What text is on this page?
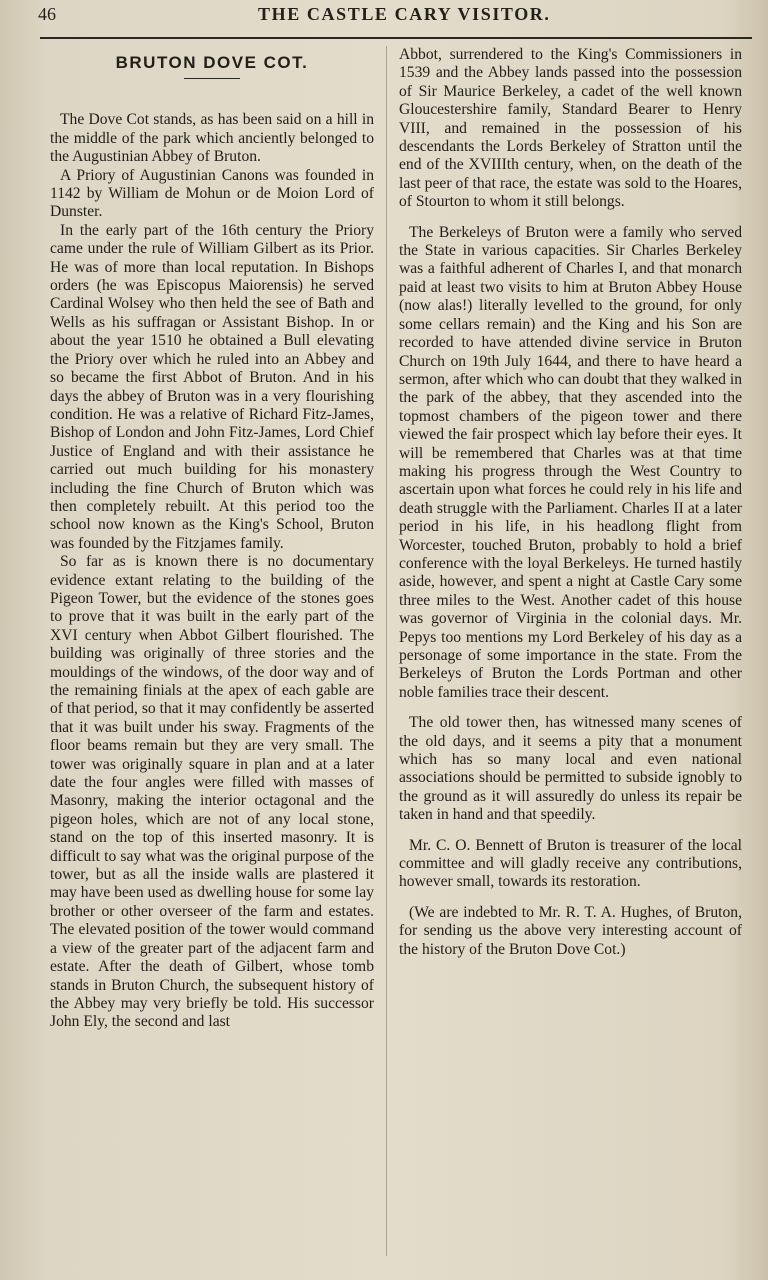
46	THE CASTLE CARY VISITOR.
BRUTON DOVE COT.

The Dove Cot stands, as has been said on a hill in the middle of the park which anciently belonged to the Augustinian Abbey of Bruton.

A Priory of Augustinian Canons was founded in 1142 by William de Mohun or de Moion Lord of Dunster.

In the early part of the 16th century the Priory came under the rule of William Gilbert as its Prior. He was of more than local reputation. In Bishops orders (he was Episcopus Maiorensis) he served Cardinal Wolsey who then held the see of Bath and Wells as his suffragan or Assistant Bishop. In or about the year 1510 he obtained a Bull elevating the Priory over which he ruled into an Abbey and so became the first Abbot of Bruton. And in his days the abbey of Bruton was in a very flourishing condition. He was a relative of Richard Fitz-James, Bishop of London and John Fitz-James, Lord Chief Justice of England and with their assistance he carried out much building for his monastery including the fine Church of Bruton which was then completely rebuilt. At this period too the school now known as the King's School, Bruton was founded by the Fitzjames family.

So far as is known there is no documentary evidence extant relating to the building of the Pigeon Tower, but the evidence of the stones goes to prove that it was built in the early part of the XVI century when Abbot Gilbert flourished. The building was originally of three stories and the mouldings of the windows, of the door way and of the remaining finials at the apex of each gable are of that period, so that it may confidently be asserted that it was built under his sway. Fragments of the floor beams remain but they are very small. The tower was originally square in plan and at a later date the four angles were filled with masses of Masonry, making the interior octagonal and the pigeon holes, which are not of any local stone, stand on the top of this inserted masonry. It is difficult to say what was the original purpose of the tower, but as all the inside walls are plastered it may have been used as dwelling house for some lay brother or other overseer of the farm and estates. The elevated position of the tower would command a view of the greater part of the adjacent farm and estate. After the death of Gilbert, whose tomb stands in Bruton Church, the subsequent history of the Abbey may very briefly be told. His successor John Ely, the second and last

Abbot, surrendered to the King's Commissioners in 1539 and the Abbey lands passed into the possession of Sir Maurice Berkeley, a cadet of the well known Gloucestershire family, Standard Bearer to Henry VIII, and remained in the possession of his descendants the Lords Berkeley of Stratton until the end of the XVIIIth century, when, on the death of the last peer of that race, the estate was sold to the Hoares, of Stourton to whom it still belongs.

The Berkeleys of Bruton were a family who served the State in various capacities. Sir Charles Berkeley was a faithful adherent of Charles I, and that monarch paid at least two visits to him at Bruton Abbey House (now alas!) literally levelled to the ground, for only some cellars remain) and the King and his Son are recorded to have attended divine service in Bruton Church on 19th July 1644, and there to have heard a sermon, after which who can doubt that they walked in the park of the abbey, that they ascended into the topmost chambers of the pigeon tower and there viewed the fair prospect which lay before their eyes. It will be remembered that Charles was at that time making his progress through the West Country to ascertain upon what forces he could rely in his life and death struggle with the Parliament. Charles II at a later period in his life, in his headlong flight from Worcester, touched Bruton, probably to hold a brief conference with the loyal Berkeleys. He turned hastily aside, however, and spent a night at Castle Cary some three miles to the West. Another cadet of this house was governor of Virginia in the colonial days. Mr. Pepys too mentions my Lord Berkeley of his day as a personage of some importance in the state. From the Berkeleys of Bruton the Lords Portman and other noble families trace their descent.

The old tower then, has witnessed many scenes of the old days, and it seems a pity that a monument which has so many local and even national associations should be permitted to subside ignobly to the ground as it will assuredly do unless its repair be taken in hand and that speedily.

Mr. C. O. Bennett of Bruton is treasurer of the local committee and will gladly receive any contributions, however small, towards its restoration.

(We are indebted to Mr. R. T. A. Hughes, of Bruton, for sending us the above very interesting account of the history of the Bruton Dove Cot.)
